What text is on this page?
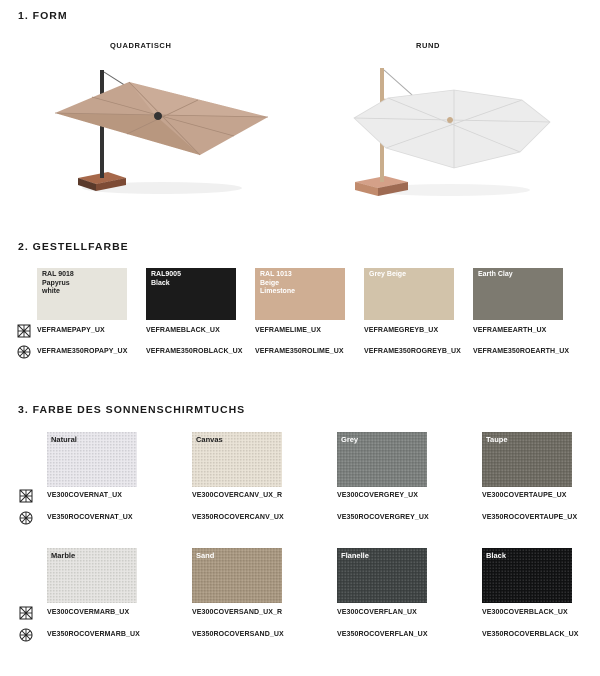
1. FORM
QUADRATISCH	RUND
2. GESTELLFARBE
RAL 9018
Papyrus
white
VEFRAMEPAPY_UX
VEFRAME350ROPAPY_UX
RAL9005
Black
VEFRAMEBLACK_UX
VEFRAME350ROBLACK_UX
RAL 1013
Beige
Limestone
VEFRAMELIME_UX
VEFRAME350ROLIME_UX
Grey Beige
VEFRAMEGREYB_UX
VEFRAME350ROGREYB_UX
Earth Clay
VEFRAMEEARTH_UX
VEFRAME350ROEARTH_UX
3. FARBE DES SONNENSCHIRMTUCHS
Natural
VE300COVERNAT_UX
VE350ROCOVERNAT_UX
Canvas
VE300COVERCANV_UX_R
VE350ROCOVERCANV_UX
Grey
VE300COVERGREY_UX
VE350ROCOVERGREY_UX
Taupe
VE300COVERTAUPE_UX
VE350ROCOVERTAUPE_UX
Marble
VE300COVERMARB_UX
VE350ROCOVERMARB_UX
Sand
VE300COVERSAND_UX_R
VE350ROCOVERSAND_UX
Flanelle
VE300COVERFLAN_UX
VE350ROCOVERFLAN_UX
Black
VE300COVERBLACK_UX
VE350ROCOVERBLACK_UX
